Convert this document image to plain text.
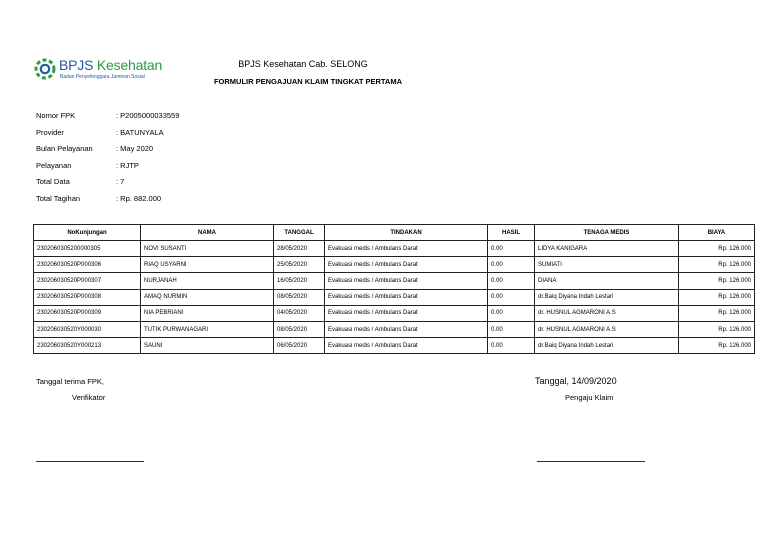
BPJS Kesehatan
Badan Penyelenggara Jaminan Sosial
BPJS Kesehatan Cab. SELONG
FORMULIR PENGAJUAN KLAIM TINGKAT PERTAMA
Nomor FPK	: P2005000033559
Provider	: BATUNYALA
Bulan Pelayanan	: May 2020
Pelayanan	: RJTP
Total Data	: 7
Total Tagihan	: Rp. 882.000
NoKunjungan	NAMA	TANGGAL	TINDAKAN	HASIL	TENAGA MEDIS	BIAYA
2302060305200000305	NOVI SUSANTI	28/05/2020	Evakuasi medis / Ambulans Darat	0.00	LIDYA KANIGARA	Rp. 126.000
230206030520P000306	RIAQ USYARNI	25/05/2020	Evakuasi medis / Ambulans Darat	0.00	SUMIATI	Rp. 126.000
230206030520P000307	NURJANAH	16/05/2020	Evakuasi medis / Ambulans Darat	0.00	DIANA	Rp. 126.000
230206030520P000308	AMAQ NURMIN	08/05/2020	Evakuasi medis / Ambulans Darat	0.00	dr.Baiq Diyana Indah Lestari	Rp. 126.000
230206030520P000309	NIA PEBRIANI	04/05/2020	Evakuasi medis / Ambulans Darat	0.00	dr. HUSNUL AGMARONI A.S	Rp. 126.000
230206030520Y000030	TUTIK PURWANAGARI	08/05/2020	Evakuasi medis / Ambulans Darat	0.00	dr. HUSNUL AGMARONI A.S	Rp. 126.000
230206030520Y000213	SAUNI	06/05/2020	Evakuasi medis / Ambulans Darat	0.00	dr.Baiq Diyana Indah Lestari	Rp. 126.000
Tanggal terima FPK,
Verifikator
Tanggal, 14/09/2020
Pengaju Klaim
